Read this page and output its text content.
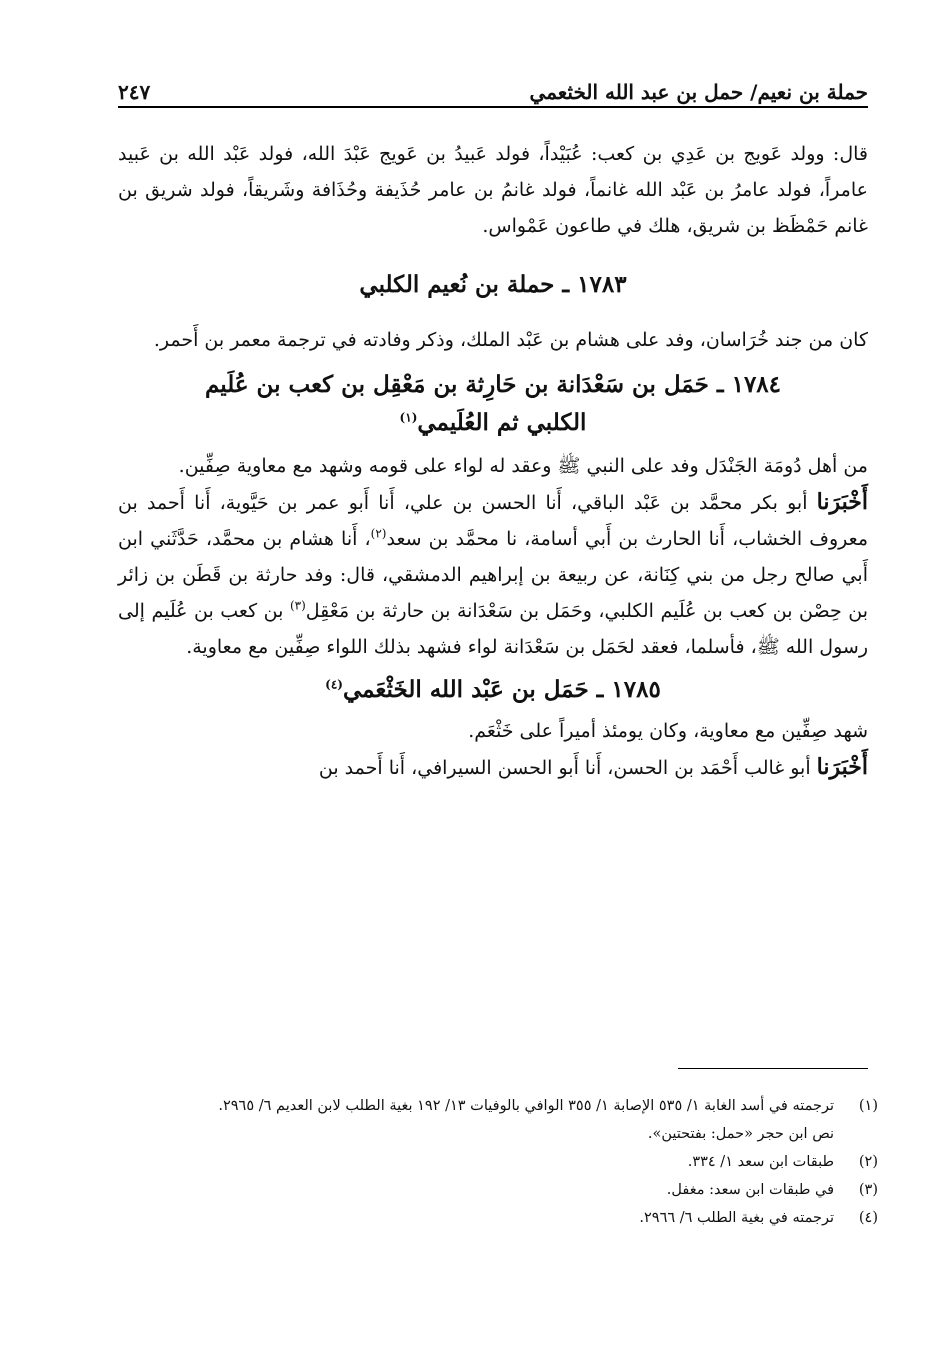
حملة بن نعيم/ حمل بن عبد الله الخثعمي
٢٤٧

قال: وولد عَويج بن عَدِي بن كعب: عُبَيْداً، فولد عَبيدُ بن عَويج عَبْدَ الله، فولد عَبْد الله بن عَبيد عامراً، فولد عامرُ بن عَبْد الله غانماً، فولد غانمُ بن عامر حُذَيفة وحُذَافة وشَريقاً، فولد شريق بن غانم حَمْظَظ بن شريق، هلك في طاعون عَمْواس.

١٧٨٣ ـ حملة بن نُعيم الكلبي

كان من جند خُرَاسان، وفد على هشام بن عَبْد الملك، وذكر وفادته في ترجمة معمر بن أَحمر.

١٧٨٤ ـ حَمَل بن سَعْدَانة بن حَارِثة بن مَعْقِل بن كعب بن عُلَيم
الكلبي ثم العُلَيمي$^{(١)}$

من أهل دُومَة الجَنْدَل وفد على النبي ﷺ وعقد له لواء على قومه وشهد مع معاوية صِفِّين.

أَخْبَرَنا أبو بكر محمَّد بن عَبْد الباقي، أَنا الحسن بن علي، أَنا أَبو عمر بن حَيَّوية، أَنا أَحمد بن معروف الخشاب، أَنا الحارث بن أَبي أسامة، نا محمَّد بن سعد$^{(٢)}$، أَنا هشام بن محمَّد، حَدَّثَني ابن أَبي صالح رجل من بني كِنَانة، عن ربيعة بن إبراهيم الدمشقي، قال: وفد حارثة بن قَطَن بن زائر بن حِصْن بن كعب بن عُلَيم الكلبي، وحَمَل بن سَعْدَانة بن حارثة بن مَعْقِل$^{(٣)}$ بن كعب بن عُلَيم إلى رسول الله ﷺ، فأسلما، فعقد لحَمَل بن سَعْدَانة لواء فشهد بذلك اللواء صِفِّين مع معاوية.

١٧٨٥ ـ حَمَل بن عَبْد الله الخَثْعَمي$^{(٤)}$

شهد صِفِّين مع معاوية، وكان يومئذ أميراً على خَثْعَم.

أَخْبَرَنا أبو غالب أَحْمَد بن الحسن، أَنا أَبو الحسن السيرافي، أَنا أَحمد بن

(١)
ترجمته في أسد الغابة ١/ ٥٣٥ الإصابة ١/ ٣٥٥ الوافي بالوفيات ١٣/ ١٩٢ بغية الطلب لابن العديم ٦/ ٢٩٦٥.
نص ابن حجر «حمل: بفتحتين».
(٢)
طبقات ابن سعد ١/ ٣٣٤.
(٣)
في طبقات ابن سعد: مغفل.
(٤)
ترجمته في بغية الطلب ٦/ ٢٩٦٦.
